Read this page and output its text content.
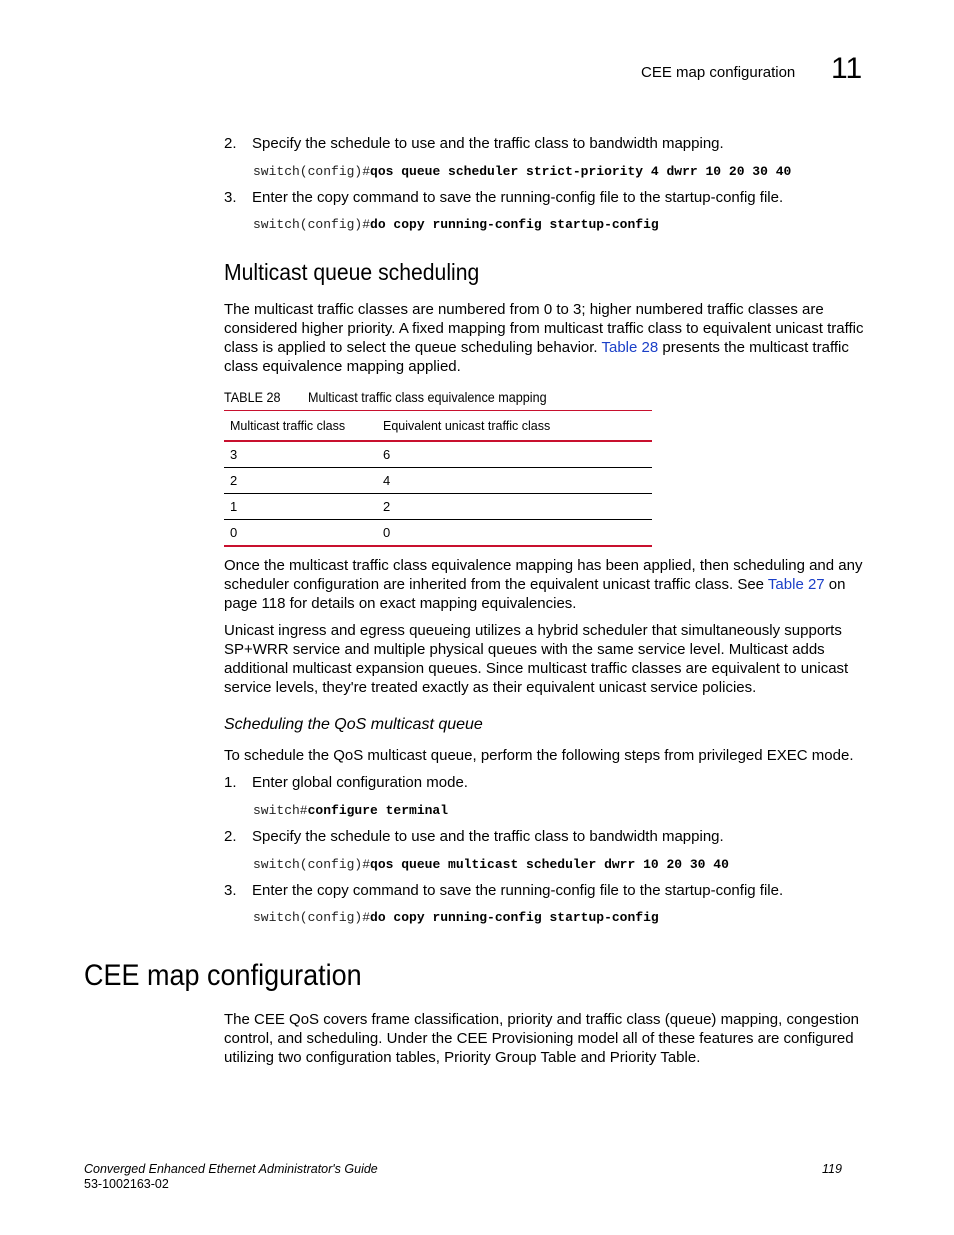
CEE map configuration 11
2. Specify the schedule to use and the traffic class to bandwidth mapping.
switch(config)#qos queue scheduler strict-priority 4 dwrr 10 20 30 40
3. Enter the copy command to save the running-config file to the startup-config file.
switch(config)#do copy running-config startup-config
Multicast queue scheduling

The multicast traffic classes are numbered from 0 to 3; higher numbered traffic classes are considered higher priority. A fixed mapping from multicast traffic class to equivalent unicast traffic class is applied to select the queue scheduling behavior. Table 28 presents the multicast traffic class equivalence mapping applied.

TABLE 28 Multicast traffic class equivalence mapping
Multicast traffic class	Equivalent unicast traffic class
3	6
2	4
1	2
0	0

Once the multicast traffic class equivalence mapping has been applied, then scheduling and any scheduler configuration are inherited from the equivalent unicast traffic class. See Table 27 on page 118 for details on exact mapping equivalencies.

Unicast ingress and egress queueing utilizes a hybrid scheduler that simultaneously supports SP+WRR service and multiple physical queues with the same service level. Multicast adds additional multicast expansion queues. Since multicast traffic classes are equivalent to unicast service levels, they're treated exactly as their equivalent unicast service policies.

Scheduling the QoS multicast queue

To schedule the QoS multicast queue, perform the following steps from privileged EXEC mode.

1. Enter global configuration mode.
switch#configure terminal
2. Specify the schedule to use and the traffic class to bandwidth mapping.
switch(config)#qos queue multicast scheduler dwrr 10 20 30 40
3. Enter the copy command to save the running-config file to the startup-config file.
switch(config)#do copy running-config startup-config
CEE map configuration

The CEE QoS covers frame classification, priority and traffic class (queue) mapping, congestion control, and scheduling. Under the CEE Provisioning model all of these features are configured utilizing two configuration tables, Priority Group Table and Priority Table.

Converged Enhanced Ethernet Administrator's Guide
53-1002163-02
119
